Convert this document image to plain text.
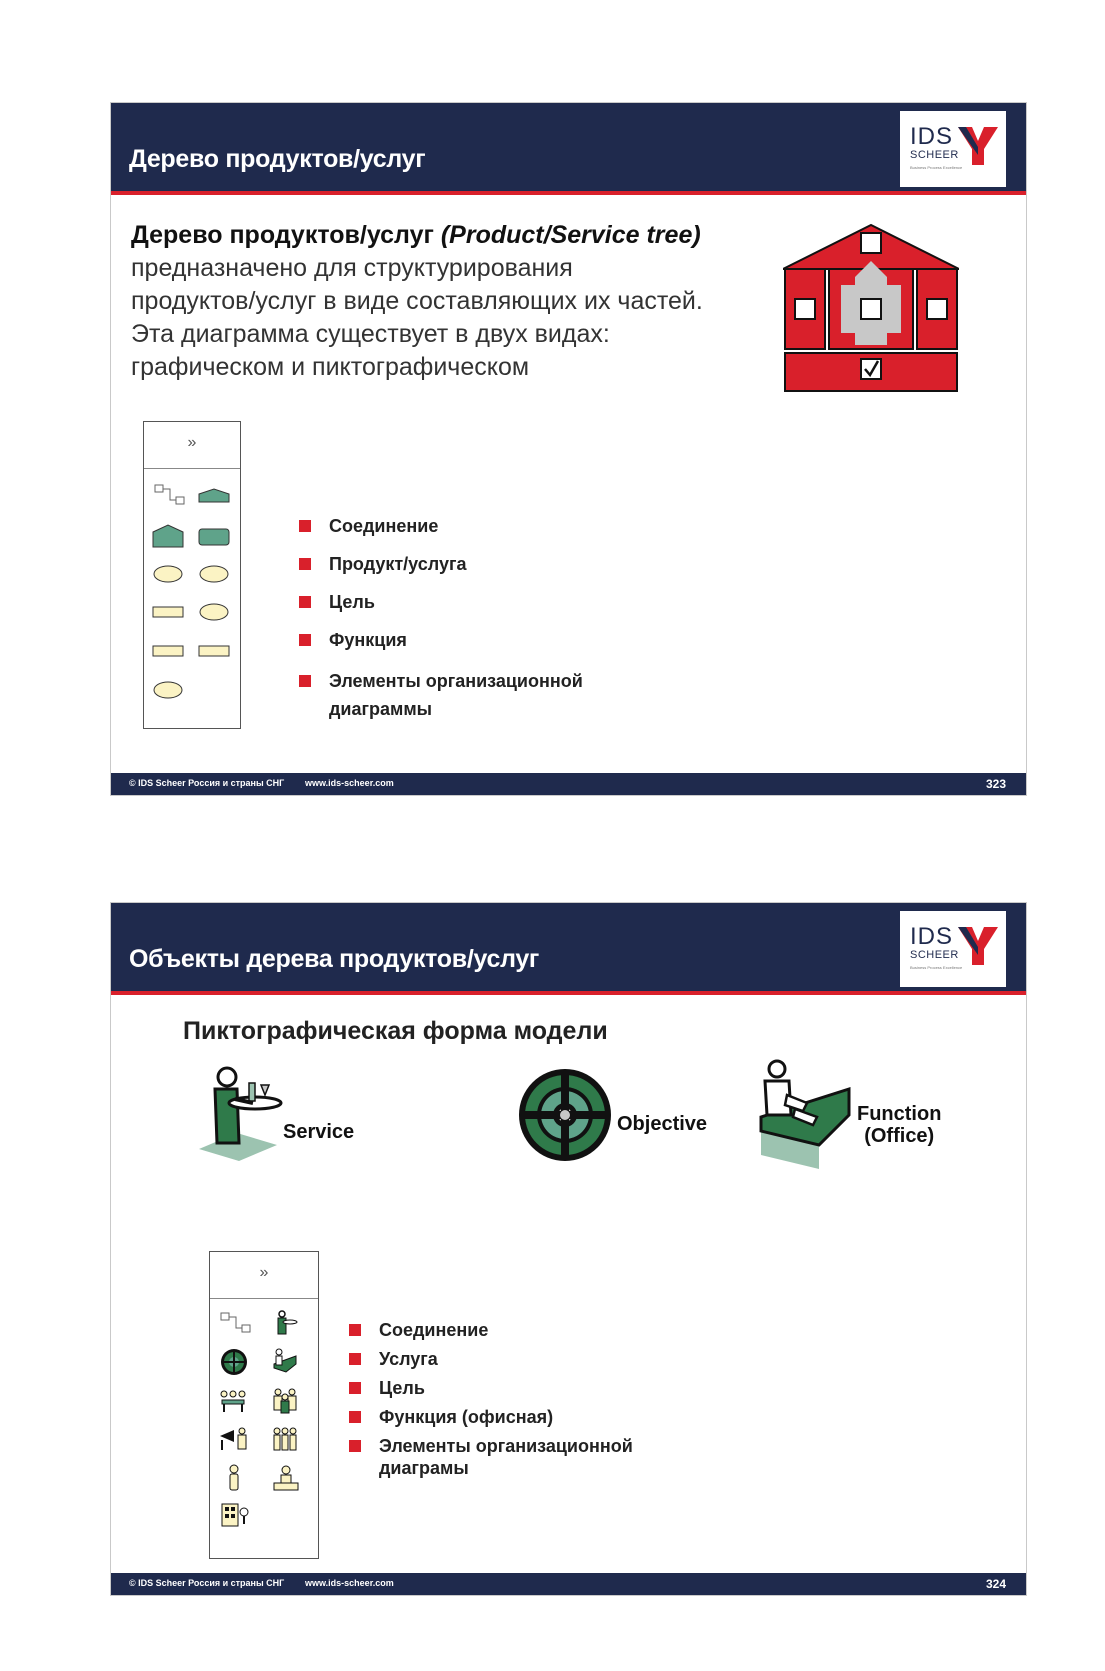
Дерево продуктов/услуг
IDS
SCHEER
Business Process Excellence
Дерево продуктов/услуг (Product/Service tree)
предназначено для структурирования
продуктов/услуг в виде составляющих их частей.
Эта диаграмма существует в двух видах:
графическом и пиктографическом
»
Соединение
Продукт/услуга
Цель
Функция
Элементы организационной диаграммы
© IDS Scheer Россия и страны СНГ www.ids-scheer.com	323
Объекты дерева продуктов/услуг
IDS
SCHEER
Business Process Excellence
Пиктографическая форма модели
Service	Objective	Function
(Office)
»
Соединение
Услуга
Цель
Функция (офисная)
Элементы организационной диаграмы
© IDS Scheer Россия и страны СНГ www.ids-scheer.com	324
